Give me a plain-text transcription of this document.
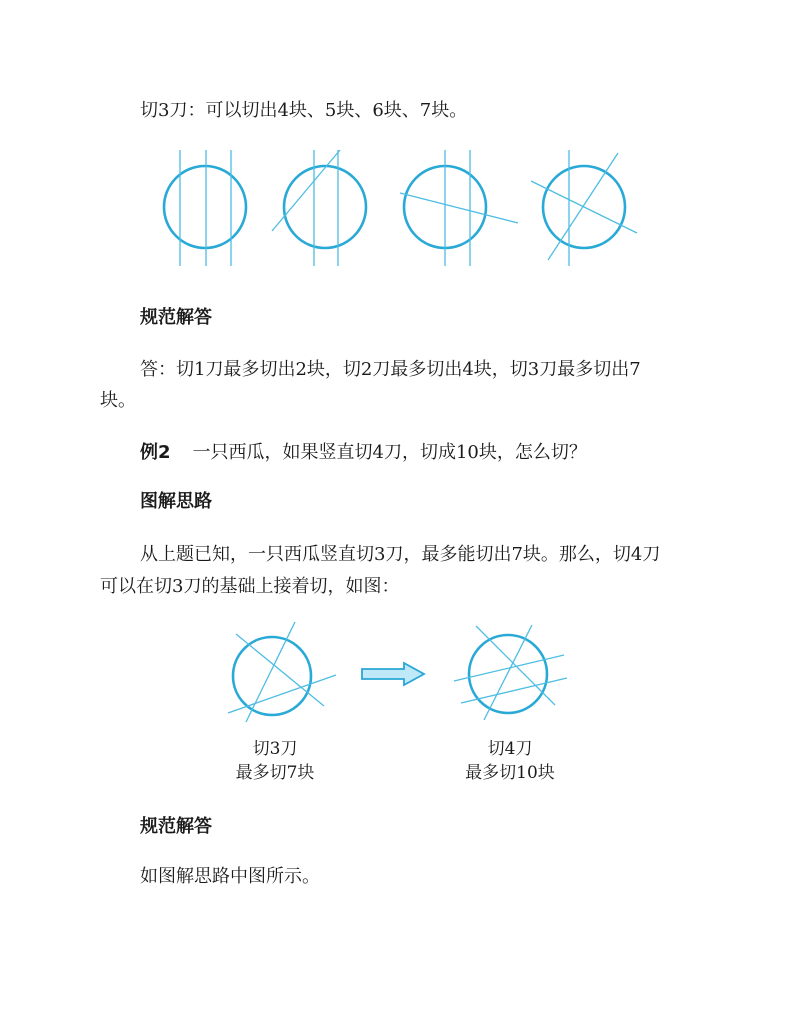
切3刀：可以切出4块、5块、6块、7块。
规范解答
答：切1刀最多切出2块，切2刀最多切出4块，切3刀最多切出7
块。
例2 一只西瓜，如果竖直切4刀，切成10块，怎么切？
图解思路
从上题已知，一只西瓜竖直切3刀，最多能切出7块。那么，切4刀
可以在切3刀的基础上接着切，如图：
切3刀
最多切7块
切4刀
最多切10块
规范解答
如图解思路中图所示。
